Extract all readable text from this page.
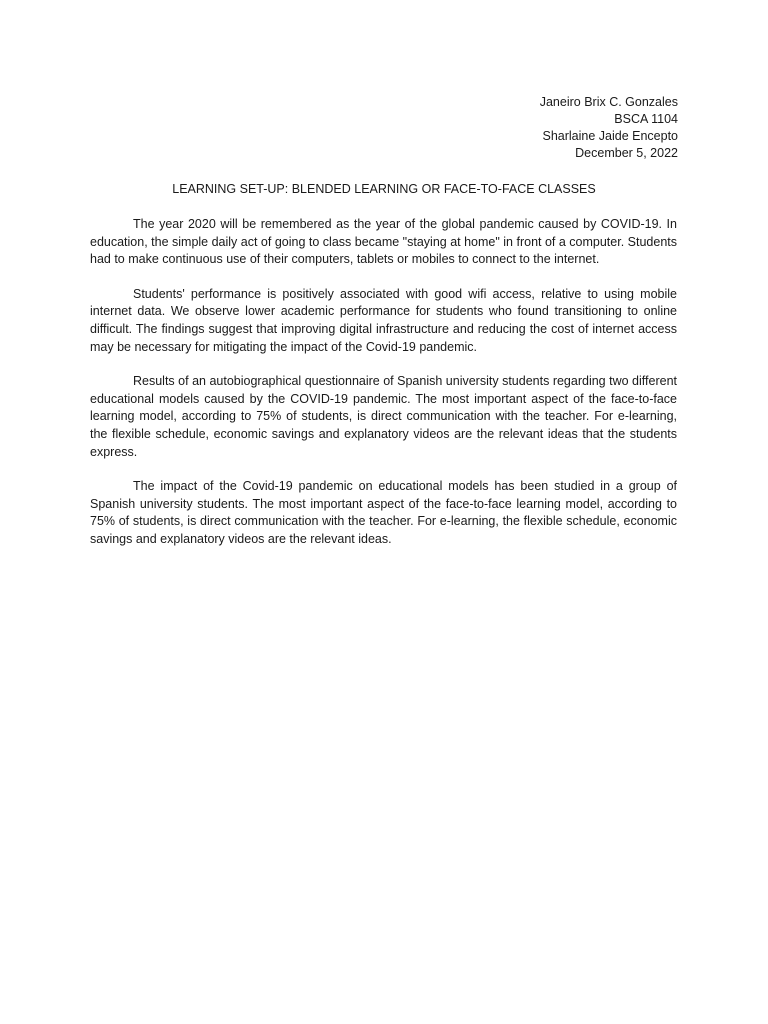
Janeiro Brix C. Gonzales
BSCA 1104
Sharlaine Jaide Encepto
December 5, 2022
LEARNING SET-UP: BLENDED LEARNING OR FACE-TO-FACE CLASSES

The year 2020 will be remembered as the year of the global pandemic caused by COVID-19. In education, the simple daily act of going to class became "staying at home" in front of a computer. Students had to make continuous use of their computers, tablets or mobiles to connect to the internet.

Students' performance is positively associated with good wifi access, relative to using mobile internet data. We observe lower academic performance for students who found transitioning to online difficult. The findings suggest that improving digital infrastructure and reducing the cost of internet access may be necessary for mitigating the impact of the Covid-19 pandemic.

Results of an autobiographical questionnaire of Spanish university students regarding two different educational models caused by the COVID-19 pandemic. The most important aspect of the face-to-face learning model, according to 75% of students, is direct communication with the teacher. For e-learning, the flexible schedule, economic savings and explanatory videos are the relevant ideas that the students express.

The impact of the Covid-19 pandemic on educational models has been studied in a group of Spanish university students. The most important aspect of the face-to-face learning model, according to 75% of students, is direct communication with the teacher. For e-learning, the flexible schedule, economic savings and explanatory videos are the relevant ideas.
